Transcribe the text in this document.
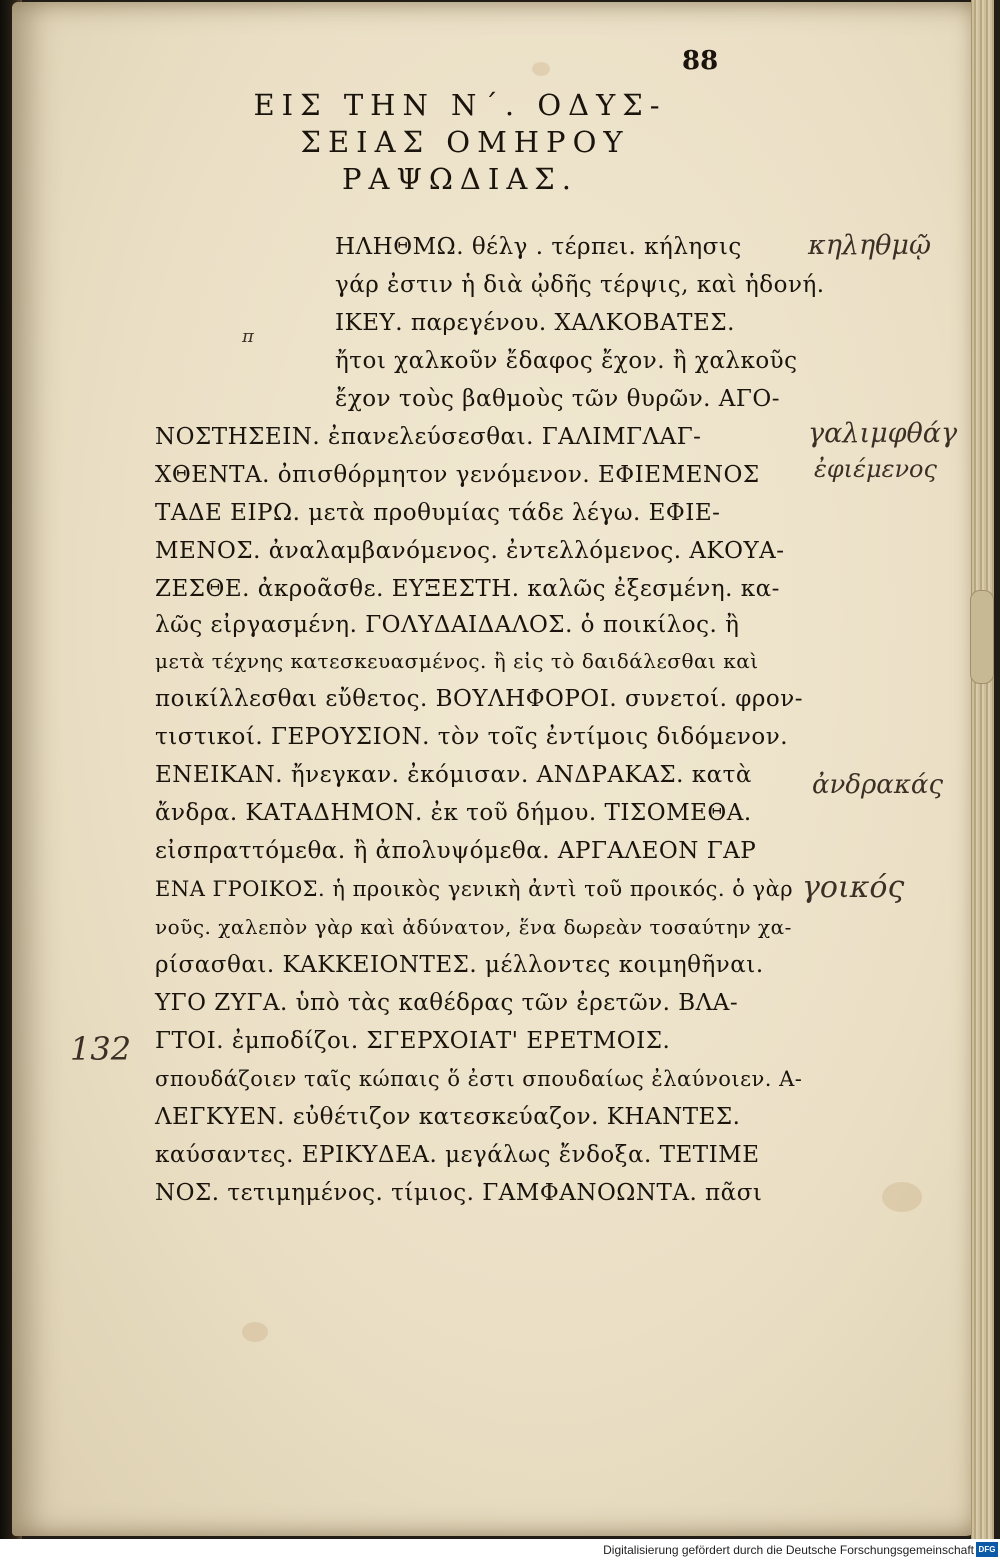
88
ΕΙΣ ΤΗΝ Ν΄. ΟΔΥΣ-
ΣΕΙΑΣ ΟΜΗΡΟΥ
ΡΑΨΩΔΙΑΣ.
ΗΛΗΘΜΩ. θέλγ . τέρπει. κήλησις
γάρ ἐστιν ἡ διὰ ᾠδῆς τέρψις, καὶ ἡδονή.
ΙΚΕΥ. παρεγένου. ΧΑΛΚΟΒΑΤΕΣ.
ἤτοι χαλκοῦν ἔδαφος ἔχον. ἢ χαλκοῦς
ἔχον τοὺς βαθμοὺς τῶν θυρῶν. ΑΓΟ-
ΝΟΣΤΗΣΕΙΝ. ἐπανελεύσεσθαι. ΓΑΛΙΜΓΛΑΓ-
ΧΘΕΝΤΑ. ὀπισθόρμητον γενόμενον. ΕΦΙΕΜΕΝΟΣ
ΤΑΔΕ ΕΙΡΩ. μετὰ προθυμίας τάδε λέγω. ΕΦΙΕ-
ΜΕΝΟΣ. ἀναλαμβανόμενος. ἐντελλόμενος. ΑΚΟΥΑ-
ΖΕΣΘΕ. ἀκροᾶσθε. ΕΥΞΕΣΤΗ. καλῶς ἐξεσμένη. κα-
λῶς εἰργασμένη. ΓΟΛΥΔΑΙΔΑΛΟΣ. ὁ ποικίλος. ἢ
μετὰ τέχνης κατεσκευασμένος. ἢ εἰς τὸ δαιδάλεσθαι καὶ
ποικίλλεσθαι εὔθετος. ΒΟΥΛΗΦΟΡΟΙ. συνετοί. φρον-
τιστικοί. ΓΕΡΟΥΣΙΟΝ. τὸν τοῖς ἐντίμοις διδόμενον.
ΕΝΕΙΚΑΝ. ἤνεγκαν. ἐκόμισαν. ΑΝΔΡΑΚΑΣ. κατὰ
ἄνδρα. ΚΑΤΑΔΗΜΟΝ. ἐκ τοῦ δήμου. ΤΙΣΟΜΕΘΑ.
εἰσπραττόμεθα. ἢ ἀπολυψόμεθα. ΑΡΓΑΛΕΟΝ ΓΑΡ
ΕΝΑ ΓΡΟΙΚΟΣ. ἡ προικὸς γενικὴ ἀντὶ τοῦ προικός. ὁ γὰρ
νοῦς. χαλεπὸν γὰρ καὶ ἀδύνατον, ἕνα δωρεὰν τοσαύτην χα-
ρίσασθαι. ΚΑΚΚΕΙΟΝΤΕΣ. μέλλοντες κοιμηθῆναι.
ΥΓΟ ΖΥΓΑ. ὑπὸ τὰς καθέδρας τῶν ἐρετῶν. ΒΛΑ-
ΓΤΟΙ. ἐμποδίζοι. ΣΓΕΡΧΟΙΑΤ' ΕΡΕΤΜΟΙΣ.
σπουδάζοιεν ταῖς κώπαις ὅ ἐστι σπουδαίως ἐλαύνοιεν. Α-
ΛΕΓΚΥΕΝ. εὐθέτιζον κατεσκεύαζον. ΚΗΑΝΤΕΣ.
καύσαντες. ΕΡΙΚΥΔΕΑ. μεγάλως ἔνδοξα. ΤΕΤΙΜΕ
ΝΟΣ. τετιμημένος. τίμιος. ΓΑΜΦΑΝΟΩΝΤΑ. πᾶσι
π
132
κηληθμῷ
γαλιμφθάγ
ἐφιέμενος
ἀνδρακάς
γοικός
Digitalisierung gefördert durch die Deutsche Forschungsgemeinschaft DFG
